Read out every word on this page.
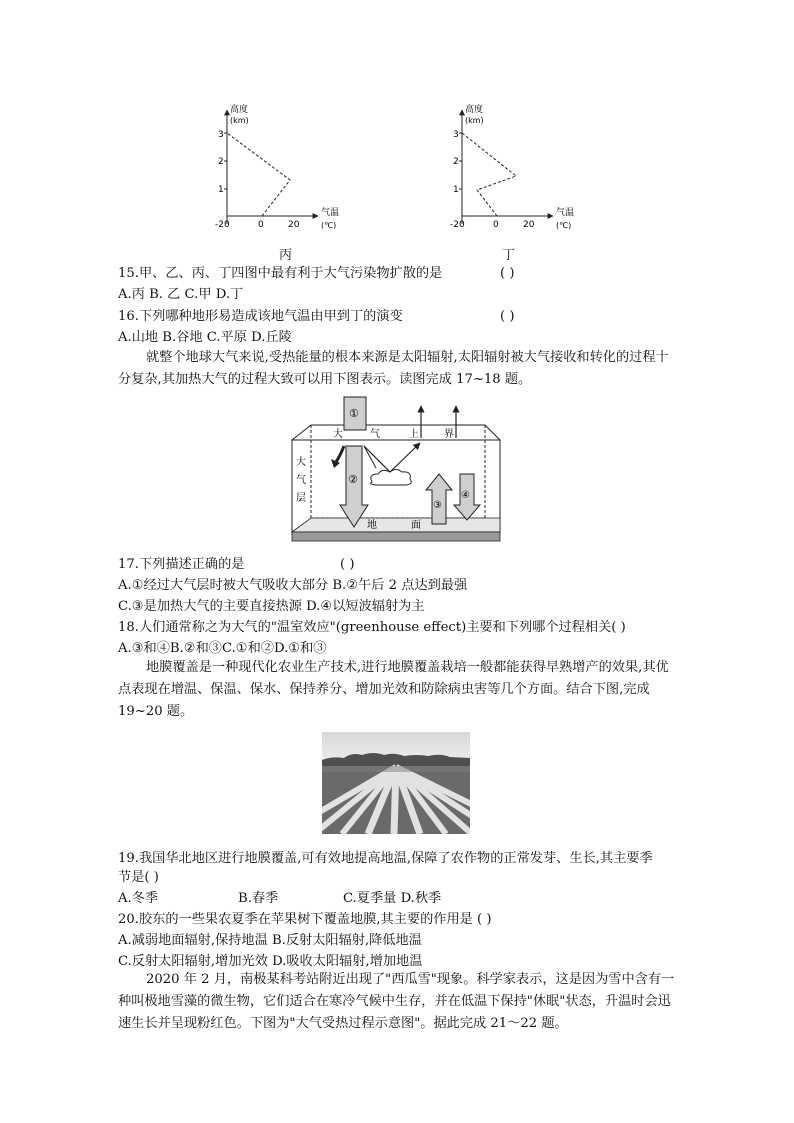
高度
(km)
气温
(℃)
3
2
1
-20	0	20
高度
(km)
气温
(℃)
3
2
1
-20	0	20
丙	丁
15.甲、乙、丙、丁四图中最有利于大气污染物扩散的是	( )
A.丙 B. 乙 C.甲 D.丁
16.下列哪种地形易造成该地气温由甲到丁的演变	( )
A.山地 B.谷地 C.平原 D.丘陵
就整个地球大气来说,受热能量的根本来源是太阳辐射,太阳辐射被大气接收和转化的过程十分复杂,其加热大气的过程大致可以用下图表示。读图完成 17~18 题。
①
②
③
④
大	气	上	界
大
气
层
地	面
17.下列描述正确的是	( )
A.①经过大气层时被大气吸收大部分 B.②午后 2 点达到最强
C.③是加热大气的主要直接热源 D.④以短波辐射为主
18.人们通常称之为大气的"温室效应"(greenhouse effect)主要和下列哪个过程相关( )
A.③和④B.②和③C.①和②D.①和③
地膜覆盖是一种现代化农业生产技术,进行地膜覆盖栽培一般都能获得早熟增产的效果,其优点表现在增温、保温、保水、保持养分、增加光效和防除病虫害等几个方面。结合下图,完成 19~20 题。
19.我国华北地区进行地膜覆盖,可有效地提高地温,保障了农作物的正常发芽、生长,其主要季
节是( )
A.冬季	B.春季	C.夏季量 D.秋季
20.胶东的一些果农夏季在苹果树下覆盖地膜,其主要的作用是 ( )
A.减弱地面辐射,保持地温 B.反射太阳辐射,降低地温
C.反射太阳辐射,增加光效 D.吸收太阳辐射,增加地温
2020 年 2 月，南极某科考站附近出现了"西瓜雪"现象。科学家表示，这是因为雪中含有一种叫极地雪藻的微生物，它们适合在寒冷气候中生存，并在低温下保持"休眠"状态，升温时会迅速生长并呈现粉红色。下图为"大气受热过程示意图"。据此完成 21～22 题。
